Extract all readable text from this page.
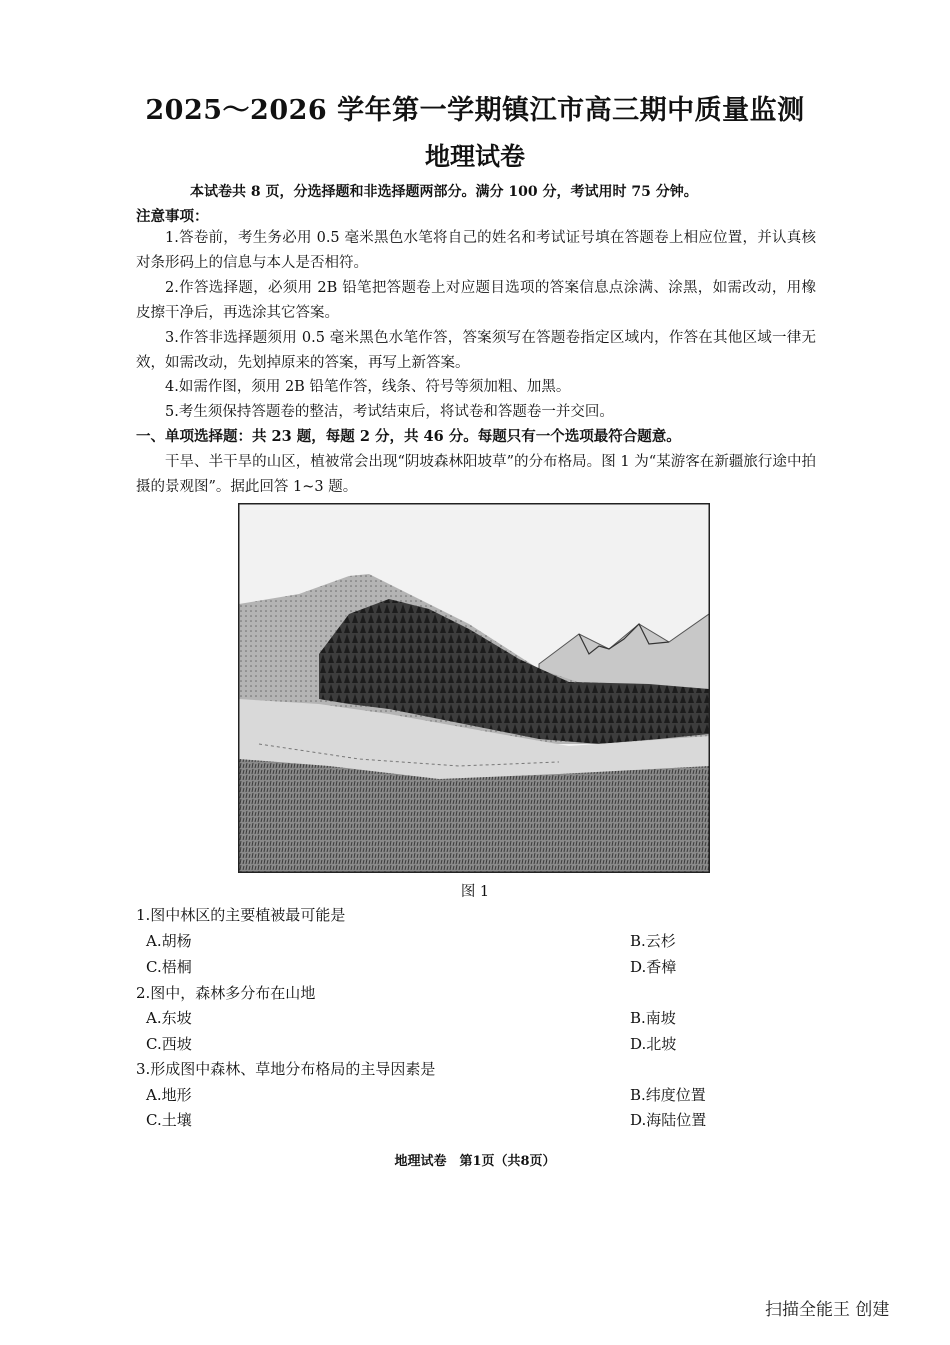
2025～2026 学年第一学期镇江市高三期中质量监测
地理试卷
本试卷共 8 页，分选择题和非选择题两部分。满分 100 分，考试用时 75 分钟。
注意事项：
1.答卷前，考生务必用 0.5 毫米黑色水笔将自己的姓名和考试证号填在答题卷上相应位置，并认真核对条形码上的信息与本人是否相符。
2.作答选择题，必须用 2B 铅笔把答题卷上对应题目选项的答案信息点涂满、涂黑，如需改动，用橡皮擦干净后，再选涂其它答案。
3.作答非选择题须用 0.5 毫米黑色水笔作答，答案须写在答题卷指定区域内，作答在其他区域一律无效，如需改动，先划掉原来的答案，再写上新答案。
4.如需作图，须用 2B 铅笔作答，线条、符号等须加粗、加黑。
5.考生须保持答题卷的整洁，考试结束后，将试卷和答题卷一并交回。
一、单项选择题：共 23 题，每题 2 分，共 46 分。每题只有一个选项最符合题意。
干旱、半干旱的山区，植被常会出现“阴坡森林阳坡草”的分布格局。图 1 为“某游客在新疆旅行途中拍摄的景观图”。据此回答 1~3 题。
图 1
1.图中林区的主要植被最可能是
A.胡杨	B.云杉
C.梧桐	D.香樟
2.图中，森林多分布在山地
A.东坡	B.南坡
C.西坡	D.北坡
3.形成图中森林、草地分布格局的主导因素是
A.地形	B.纬度位置
C.土壤	D.海陆位置
地理试卷　第1页（共8页）
扫描全能王 创建
